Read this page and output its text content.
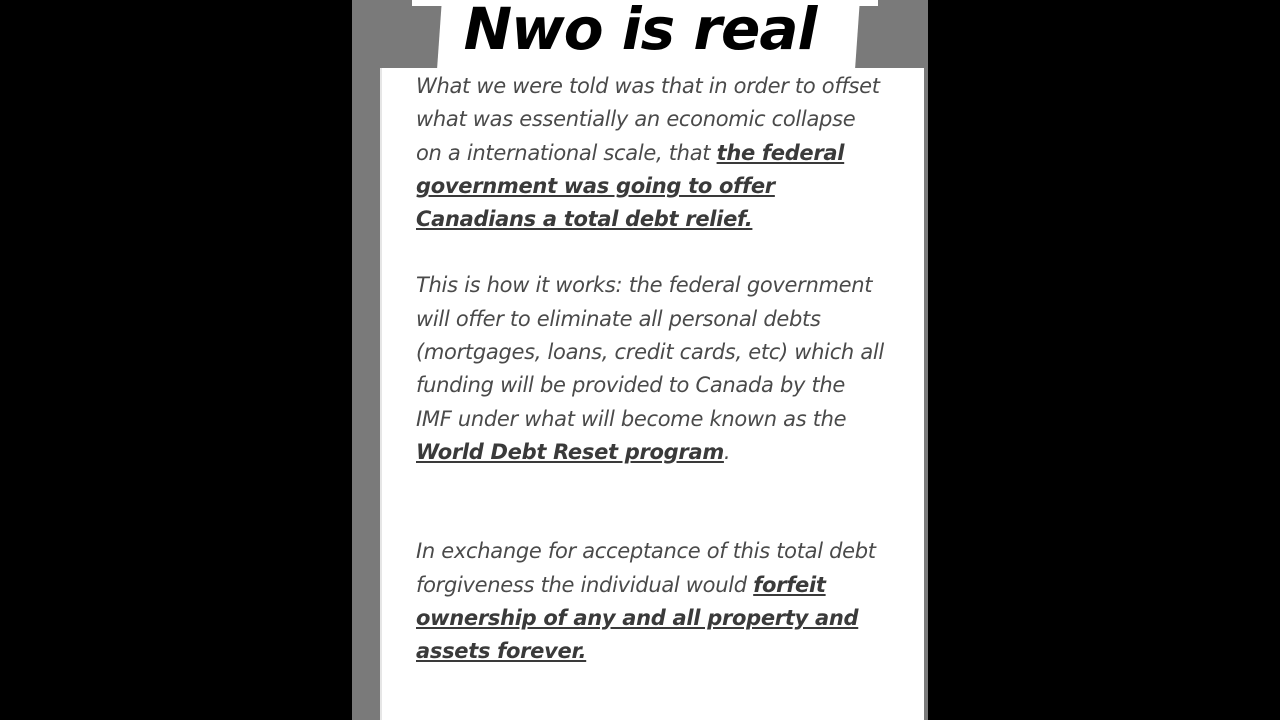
Nwo is real

What we were told was that in order to offset what was essentially an economic collapse on a international scale, that the federal government was going to offer Canadians a total debt relief.

This is how it works: the federal government will offer to eliminate all personal debts (mortgages, loans, credit cards, etc) which all funding will be provided to Canada by the IMF under what will become known as the World Debt Reset program.

In exchange for acceptance of this total debt forgiveness the individual would forfeit ownership of any and all property and assets forever.
